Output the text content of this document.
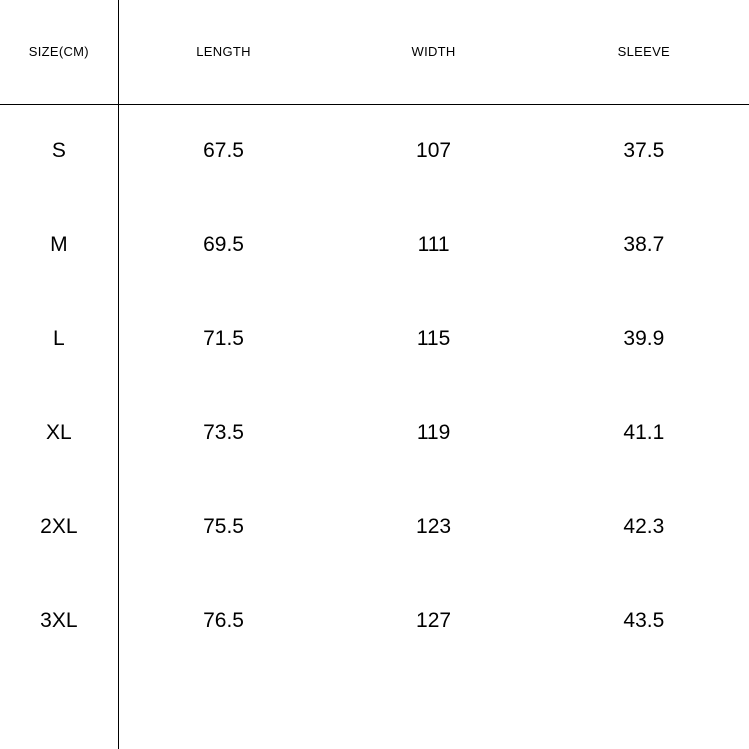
SIZE(CM)	LENGTH	WIDTH	SLEEVE
S	67.5	107	37.5
M	69.5	111	38.7
L	71.5	115	39.9
XL	73.5	119	41.1
2XL	75.5	123	42.3
3XL	76.5	127	43.5
